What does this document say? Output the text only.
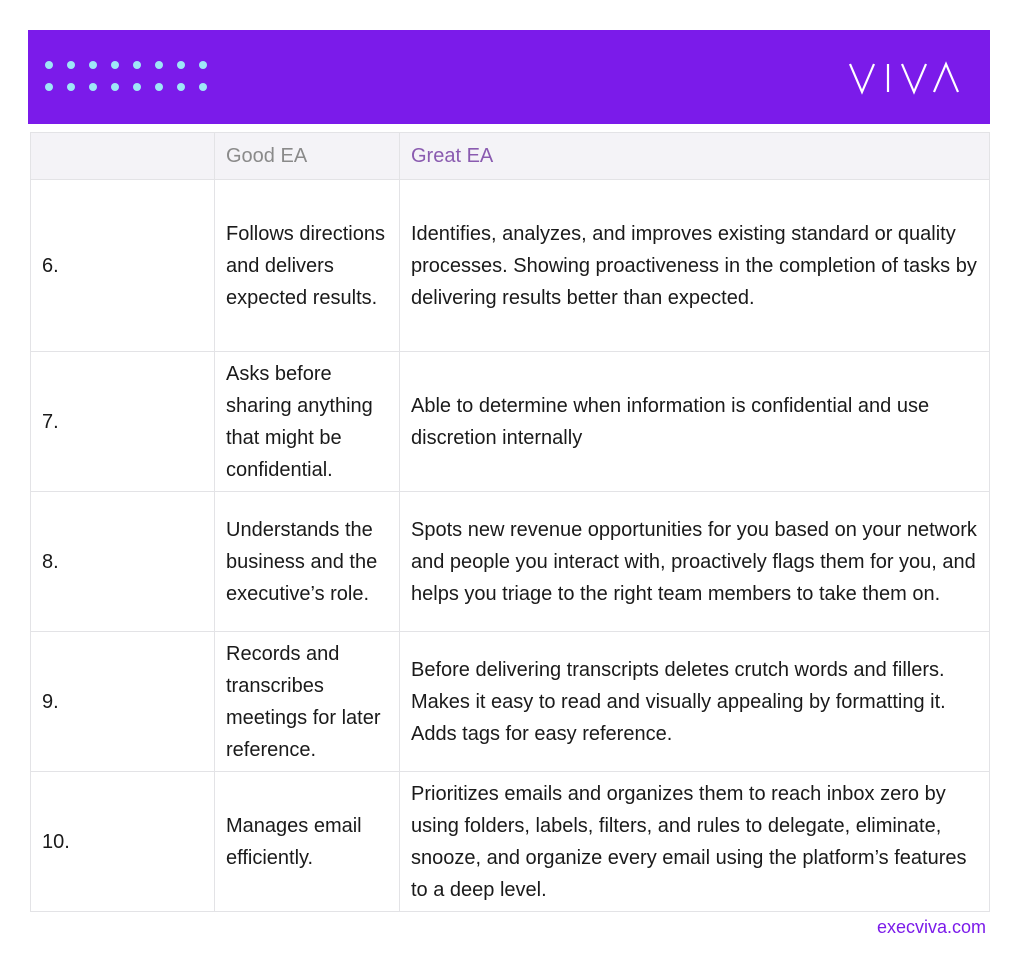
	Good EA	Great EA
6.	Follows directions and delivers expected results.	Identifies, analyzes, and improves existing standard or quality processes. Showing proactiveness in the completion of tasks by delivering results better than expected.
7.	Asks before sharing anything that might be confidential.	Able to determine when information is confidential and use discretion internally
8.	Understands the business and the executive’s role.	Spots new revenue opportunities for you based on your network and people you interact with, proactively flags them for you, and helps you triage to the right team members to take them on.
9.	Records and transcribes meetings for later reference.	Before delivering transcripts deletes crutch words and fillers. Makes it easy to read and visually appealing by formatting it. Adds tags for easy reference.
10.	Manages email efficiently.	Prioritizes emails and organizes them to reach inbox zero by using folders, labels, filters, and rules to delegate, eliminate, snooze, and organize every email using the platform’s features to a deep level.
execviva.com
